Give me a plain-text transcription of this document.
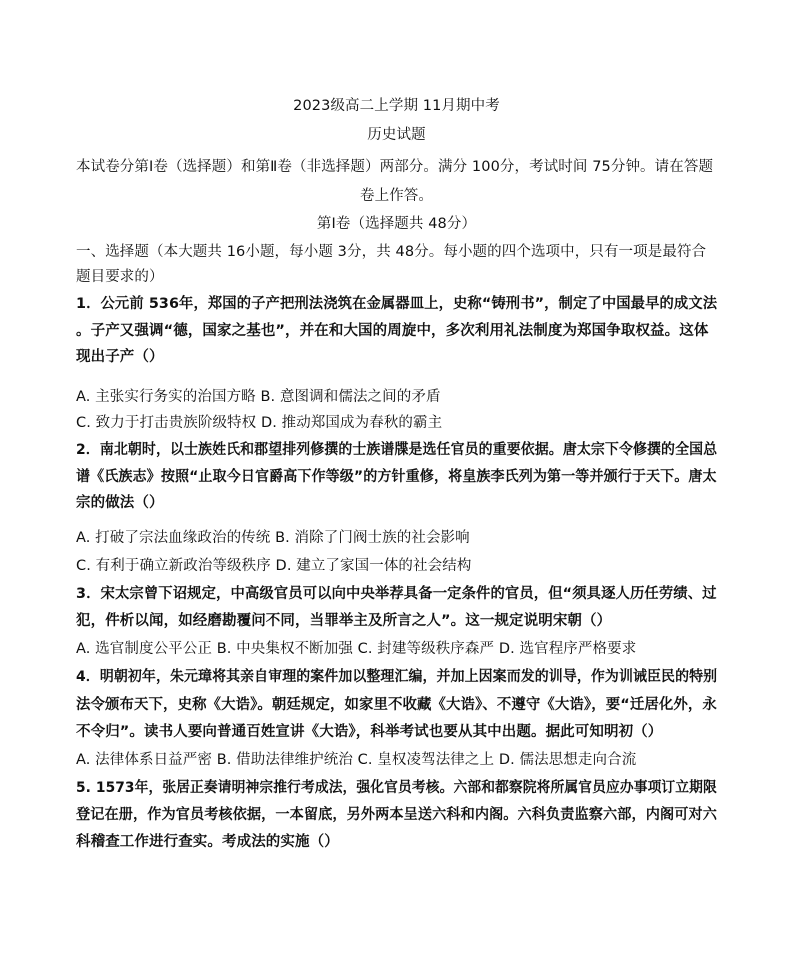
2023级高二上学期 11月期中考
历史试题
本试卷分第Ⅰ卷（选择题）和第Ⅱ卷（非选择题）两部分。满分 100分，考试时间 75分钟。请在答题
卷上作答。
第Ⅰ卷（选择题共 48分）
一、选择题（本大题共 16小题，每小题 3分，共 48分。每小题的四个选项中，只有一项是最符合
题目要求的）
1．公元前 536年，郑国的子产把刑法浇筑在金属器皿上，史称“铸刑书”，制定了中国最早的成文法
。子产又强调“德，国家之基也”，并在和大国的周旋中，多次利用礼法制度为郑国争取权益。这体
现出子产（）
A. 主张实行务实的治国方略 B. 意图调和儒法之间的矛盾
C. 致力于打击贵族阶级特权 D. 推动郑国成为春秋的霸主
2．南北朝时，以士族姓氏和郡望排列修撰的士族谱牒是选任官员的重要依据。唐太宗下令修撰的全国总
谱《氏族志》按照“止取今日官爵高下作等级”的方针重修，将皇族李氏列为第一等并颁行于天下。唐太
宗的做法（）
A. 打破了宗法血缘政治的传统 B. 消除了门阀士族的社会影响
C. 有利于确立新政治等级秩序 D. 建立了家国一体的社会结构
3．宋太宗曾下诏规定，中高级官员可以向中央举荐具备一定条件的官员，但“须具逐人历任劳绩、过
犯，件析以闻，如经磨勘覆问不同，当罪举主及所言之人”。这一规定说明宋朝（）
A. 选官制度公平公正 B. 中央集权不断加强 C. 封建等级秩序森严 D. 选官程序严格要求
4．明朝初年，朱元璋将其亲自审理的案件加以整理汇编，并加上因案而发的训导，作为训诫臣民的特别
法令颁布天下，史称《大诰》。朝廷规定，如家里不收藏《大诰》、不遵守《大诰》，要“迁居化外，永
不令归”。读书人要向普通百姓宣讲《大诰》，科举考试也要从其中出题。据此可知明初（）
A. 法律体系日益严密 B. 借助法律维护统治 C. 皇权凌驾法律之上 D. 儒法思想走向合流
5. 1573年，张居正奏请明神宗推行考成法，强化官员考核。六部和都察院将所属官员应办事项订立期限
登记在册，作为官员考核依据，一本留底，另外两本呈送六科和内阁。六科负责监察六部，内阁可对六
科稽查工作进行查实。考成法的实施（）
